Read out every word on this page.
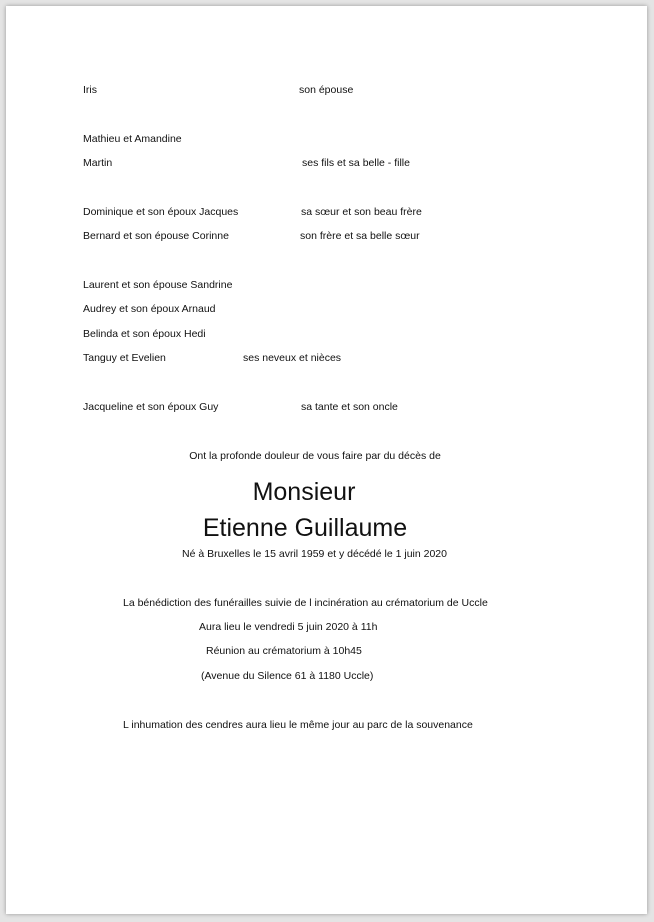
Iris	son épouse
Mathieu et Amandine
Martin	ses fils et sa belle - fille
Dominique et son époux Jacques	sa sœur et son beau frère
Bernard et son épouse Corinne	son frère et sa belle sœur
Laurent et son épouse Sandrine
Audrey et son époux Arnaud
Belinda et son époux Hedi
Tanguy et Evelien	ses neveux et nièces
Jacqueline et son époux Guy	sa tante et son oncle
Ont la profonde douleur de vous faire par du décès de
Monsieur
Etienne Guillaume
Né à Bruxelles le 15 avril 1959 et y décédé le 1 juin 2020
La bénédiction des funérailles suivie de l incinération au crématorium de Uccle
Aura lieu le vendredi 5 juin 2020 à 11h
Réunion au crématorium à 10h45
(Avenue du Silence 61 à 1180 Uccle)
L inhumation des cendres aura lieu le même jour au parc de la souvenance
